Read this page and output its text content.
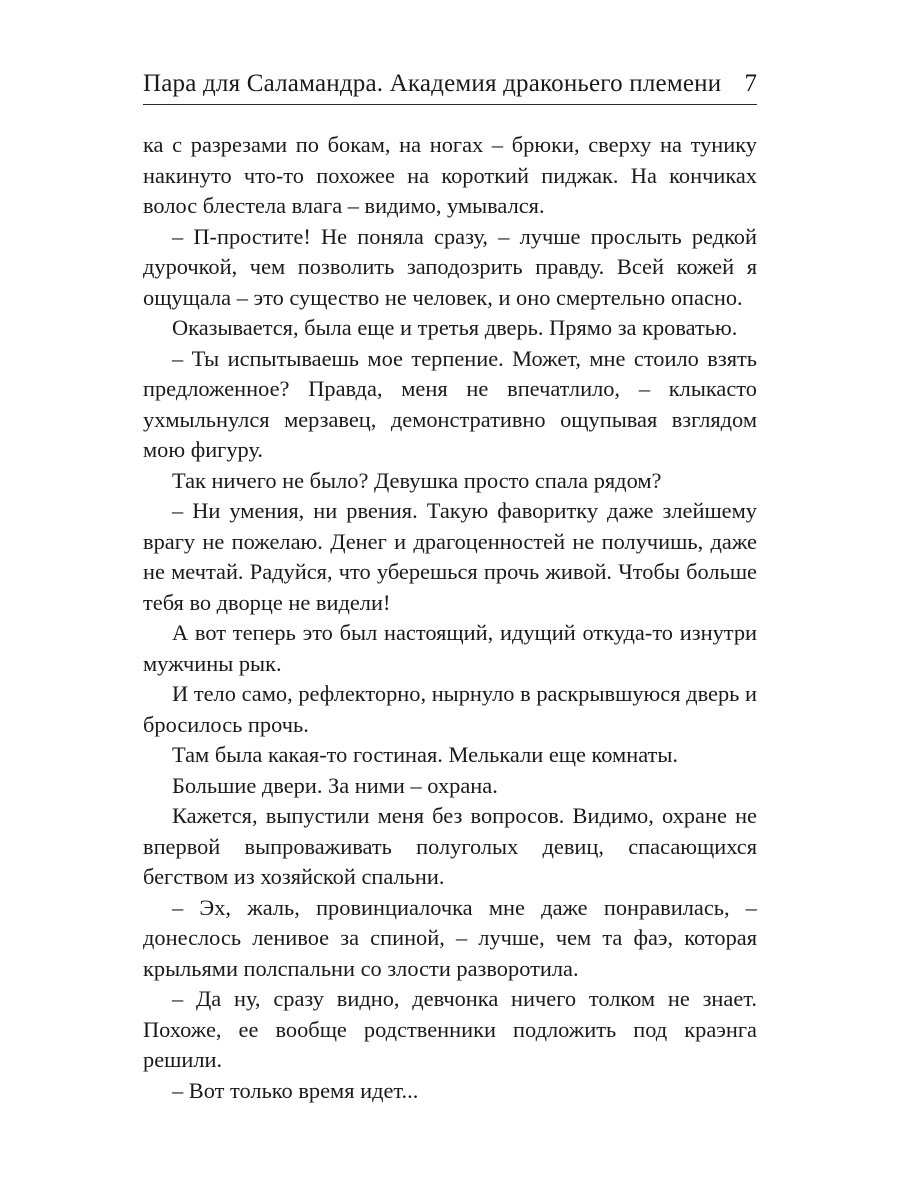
Пара для Саламандра. Академия драконьего племени 7

ка с разрезами по бокам, на ногах – брюки, сверху на тунику накинуто что-то похожее на короткий пиджак. На кончиках волос блестела влага – видимо, умывался.

– П-простите! Не поняла сразу, – лучше прослыть редкой дурочкой, чем позволить заподозрить правду. Всей кожей я ощущала – это существо не человек, и оно смертельно опасно.

Оказывается, была еще и третья дверь. Прямо за кроватью.

– Ты испытываешь мое терпение. Может, мне стоило взять предложенное? Правда, меня не впечатлило, – клыкасто ухмыльнулся мерзавец, демонстративно ощупывая взглядом мою фигуру.

Так ничего не было? Девушка просто спала рядом?

– Ни умения, ни рвения. Такую фаворитку даже злейшему врагу не пожелаю. Денег и драгоценностей не получишь, даже не мечтай. Радуйся, что уберешься прочь живой. Чтобы больше тебя во дворце не видели!

А вот теперь это был настоящий, идущий откуда-то изнутри мужчины рык.

И тело само, рефлекторно, нырнуло в раскрывшуюся дверь и бросилось прочь.

Там была какая-то гостиная. Мелькали еще комнаты.

Большие двери. За ними – охрана.

Кажется, выпустили меня без вопросов. Видимо, охране не впервой выпроваживать полуголых девиц, спасающихся бегством из хозяйской спальни.

– Эх, жаль, провинциалочка мне даже понравилась, – донеслось ленивое за спиной, – лучше, чем та фаэ, которая крыльями полспальни со злости разворотила.

– Да ну, сразу видно, девчонка ничего толком не знает. Похоже, ее вообще родственники подложить под краэнга решили.

– Вот только время идет...
